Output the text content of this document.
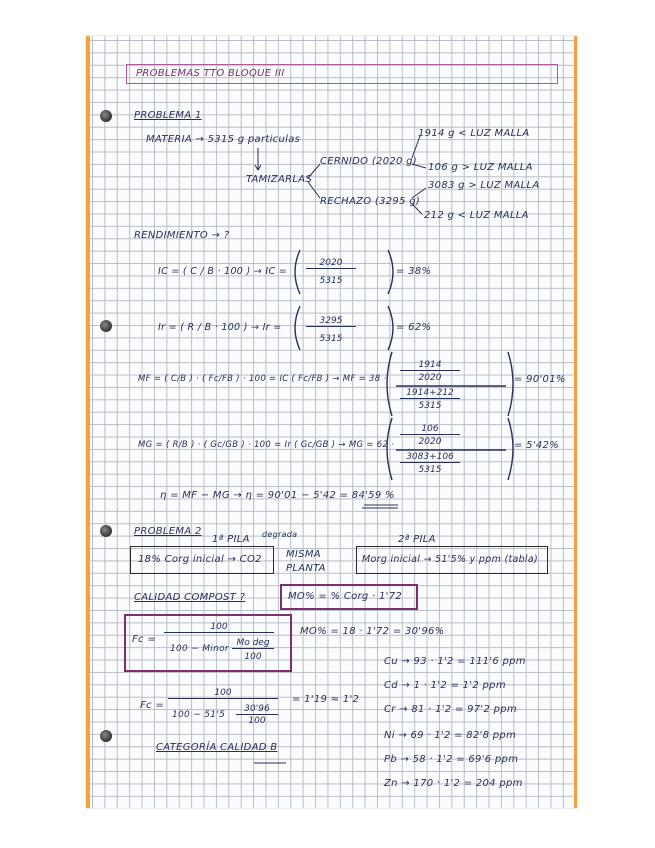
PROBLEMAS TTO BLOQUE III
PROBLEMA 1
MATERIA → 5315 g particulas
TAMIZARLAS
CERNIDO (2020 g)
RECHAZO (3295 g)
1914 g < LUZ MALLA
106 g > LUZ MALLA
3083 g > LUZ MALLA
212 g < LUZ MALLA
RENDIMIENTO → ?
IC = ( C / B · 100 ) → IC =
2020
5315
= 38%
Ir = ( R / B · 100 ) → Ir =
3295
5315
= 62%
MF = ( C/B ) · ( Fc/FB ) · 100 = IC ( Fc/FB ) → MF = 38 ·
1914
2020
1914+212
5315
= 90'01%
MG = ( R/B ) · ( Gc/GB ) · 100 = Ir ( Gc/GB ) → MG = 62 ·
106
2020
3083+106
5315
= 5'42%
η = MF − MG → η = 90'01 − 5'42 = 84'59 %
PROBLEMA 2
1ª PILA degrada	2ª PILA
18% Corg inicial → CO2 MISMA PLANTA
Morg inicial → 51'5% y ppm (tabla)
CALIDAD COMPOST ?	MO% = % Corg · 1'72
Fc =
100
100 − Minor
Mo deg
100
MO% = 18 · 1'72 = 30'96%
Cu → 93 · 1'2 = 111'6 ppm
Cd → 1 · 1'2 = 1'2 ppm
Cr → 81 · 1'2 = 97'2 ppm
Ni → 69 · 1'2 = 82'8 ppm
Pb → 58 · 1'2 = 69'6 ppm
Zn → 170 · 1'2 = 204 ppm
Fc =
100
100 − 51'5
30'96
100
= 1'19 ≈ 1'2
CATEGORÍA CALIDAD B
